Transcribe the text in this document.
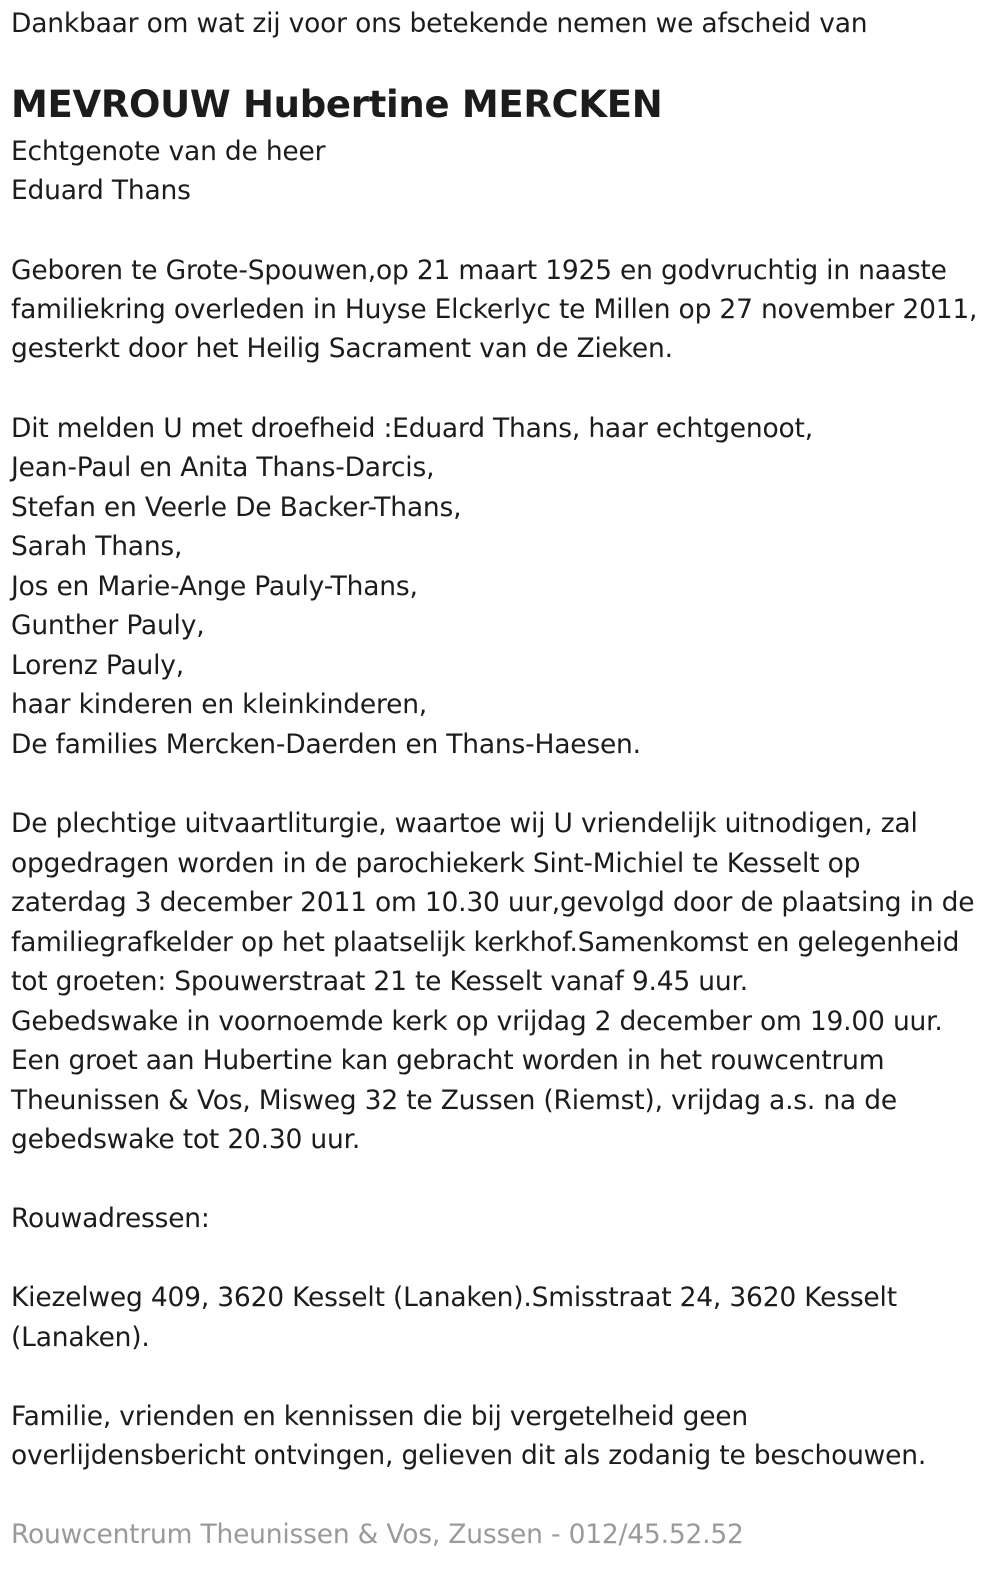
Dankbaar om wat zij voor ons betekende nemen we afscheid van
MEVROUW Hubertine MERCKEN
Echtgenote van de heer
Eduard Thans
Geboren te Grote-Spouwen,op 21 maart 1925 en godvruchtig in naaste
familiekring overleden in Huyse Elckerlyc te Millen op 27 november 2011,
gesterkt door het Heilig Sacrament van de Zieken.
Dit melden U met droefheid :Eduard Thans, haar echtgenoot,
Jean-Paul en Anita Thans-Darcis,
Stefan en Veerle De Backer-Thans,
Sarah Thans,
Jos en Marie-Ange Pauly-Thans,
Gunther Pauly,
Lorenz Pauly,
haar kinderen en kleinkinderen,
De families Mercken-Daerden en Thans-Haesen.
De plechtige uitvaartliturgie, waartoe wij U vriendelijk uitnodigen, zal
opgedragen worden in de parochiekerk Sint-Michiel te Kesselt op
zaterdag 3 december 2011 om 10.30 uur,gevolgd door de plaatsing in de
familiegrafkelder op het plaatselijk kerkhof.Samenkomst en gelegenheid
tot groeten: Spouwerstraat 21 te Kesselt vanaf 9.45 uur.
Gebedswake in voornoemde kerk op vrijdag 2 december om 19.00 uur.
Een groet aan Hubertine kan gebracht worden in het rouwcentrum
Theunissen & Vos, Misweg 32 te Zussen (Riemst), vrijdag a.s. na de
gebedswake tot 20.30 uur.
Rouwadressen:
Kiezelweg 409, 3620 Kesselt (Lanaken).Smisstraat 24, 3620 Kesselt
(Lanaken).
Familie, vrienden en kennissen die bij vergetelheid geen
overlijdensbericht ontvingen, gelieven dit als zodanig te beschouwen.
Rouwcentrum Theunissen & Vos, Zussen - 012/45.52.52
